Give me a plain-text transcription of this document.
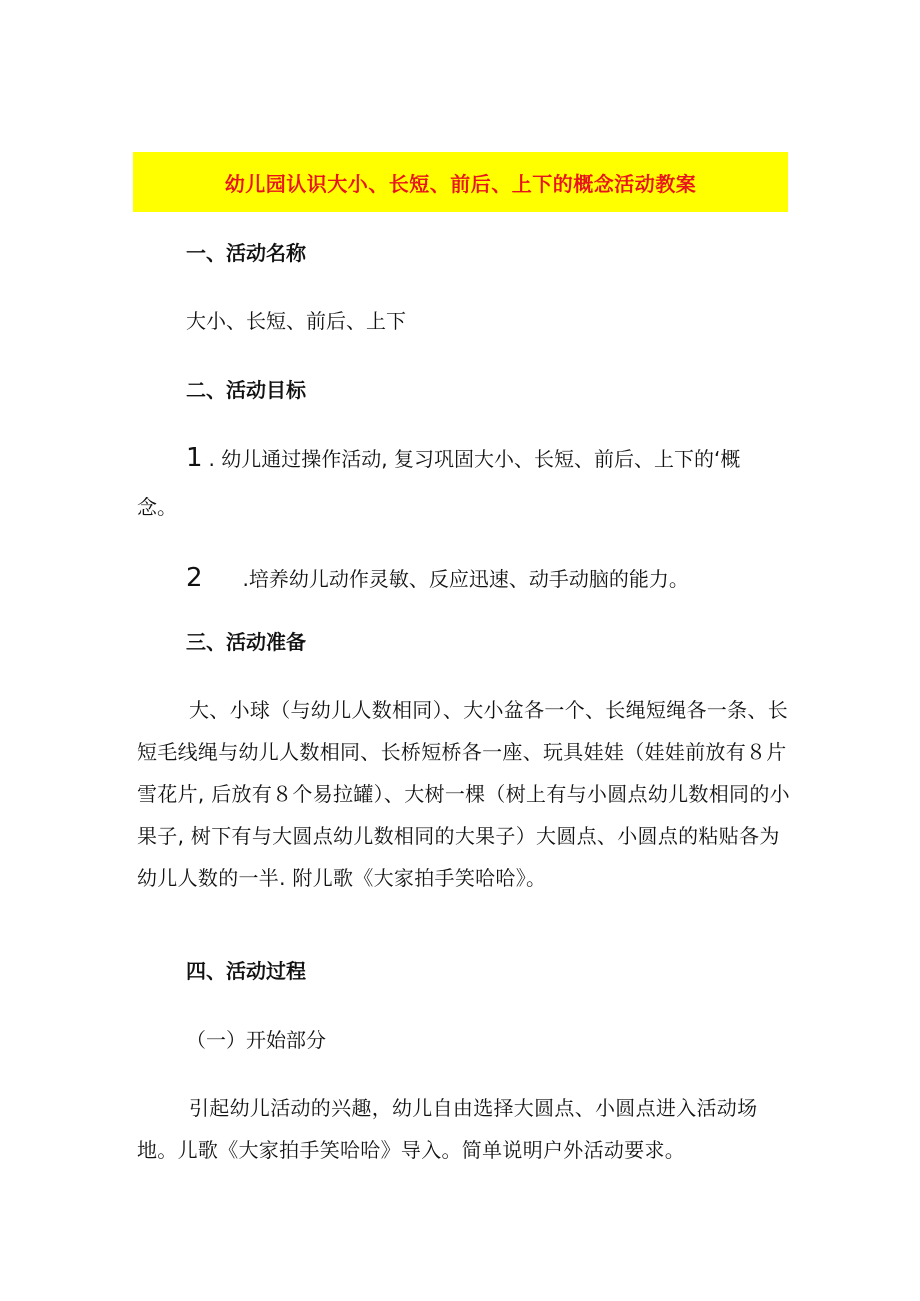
幼儿园认识大小、长短、前后、上下的概念活动教案
一、活动名称
大小、长短、前后、上下
二、活动目标
1 . 幼儿通过操作活动, 复习巩固大小、长短、前后、上下的‘概
念。
2 .培养幼儿动作灵敏、反应迅速、动手动脑的能力。
三、活动准备
大、小球（与幼儿人数相同）、大小盆各一个、长绳短绳各一条、长短毛线绳与幼儿人数相同、长桥短桥各一座、玩具娃娃（娃娃前放有８片雪花片, 后放有８个易拉罐）、大树一棵（树上有与小圆点幼儿数相同的小果子, 树下有与大圆点幼儿数相同的大果子）大圆点、小圆点的粘贴各为幼儿人数的一半. 附儿歌《大家拍手笑哈哈》。
四、活动过程
（一）开始部分
引起幼儿活动的兴趣，幼儿自由选择大圆点、小圆点进入活动场地。儿歌《大家拍手笑哈哈》导入。简单说明户外活动要求。
